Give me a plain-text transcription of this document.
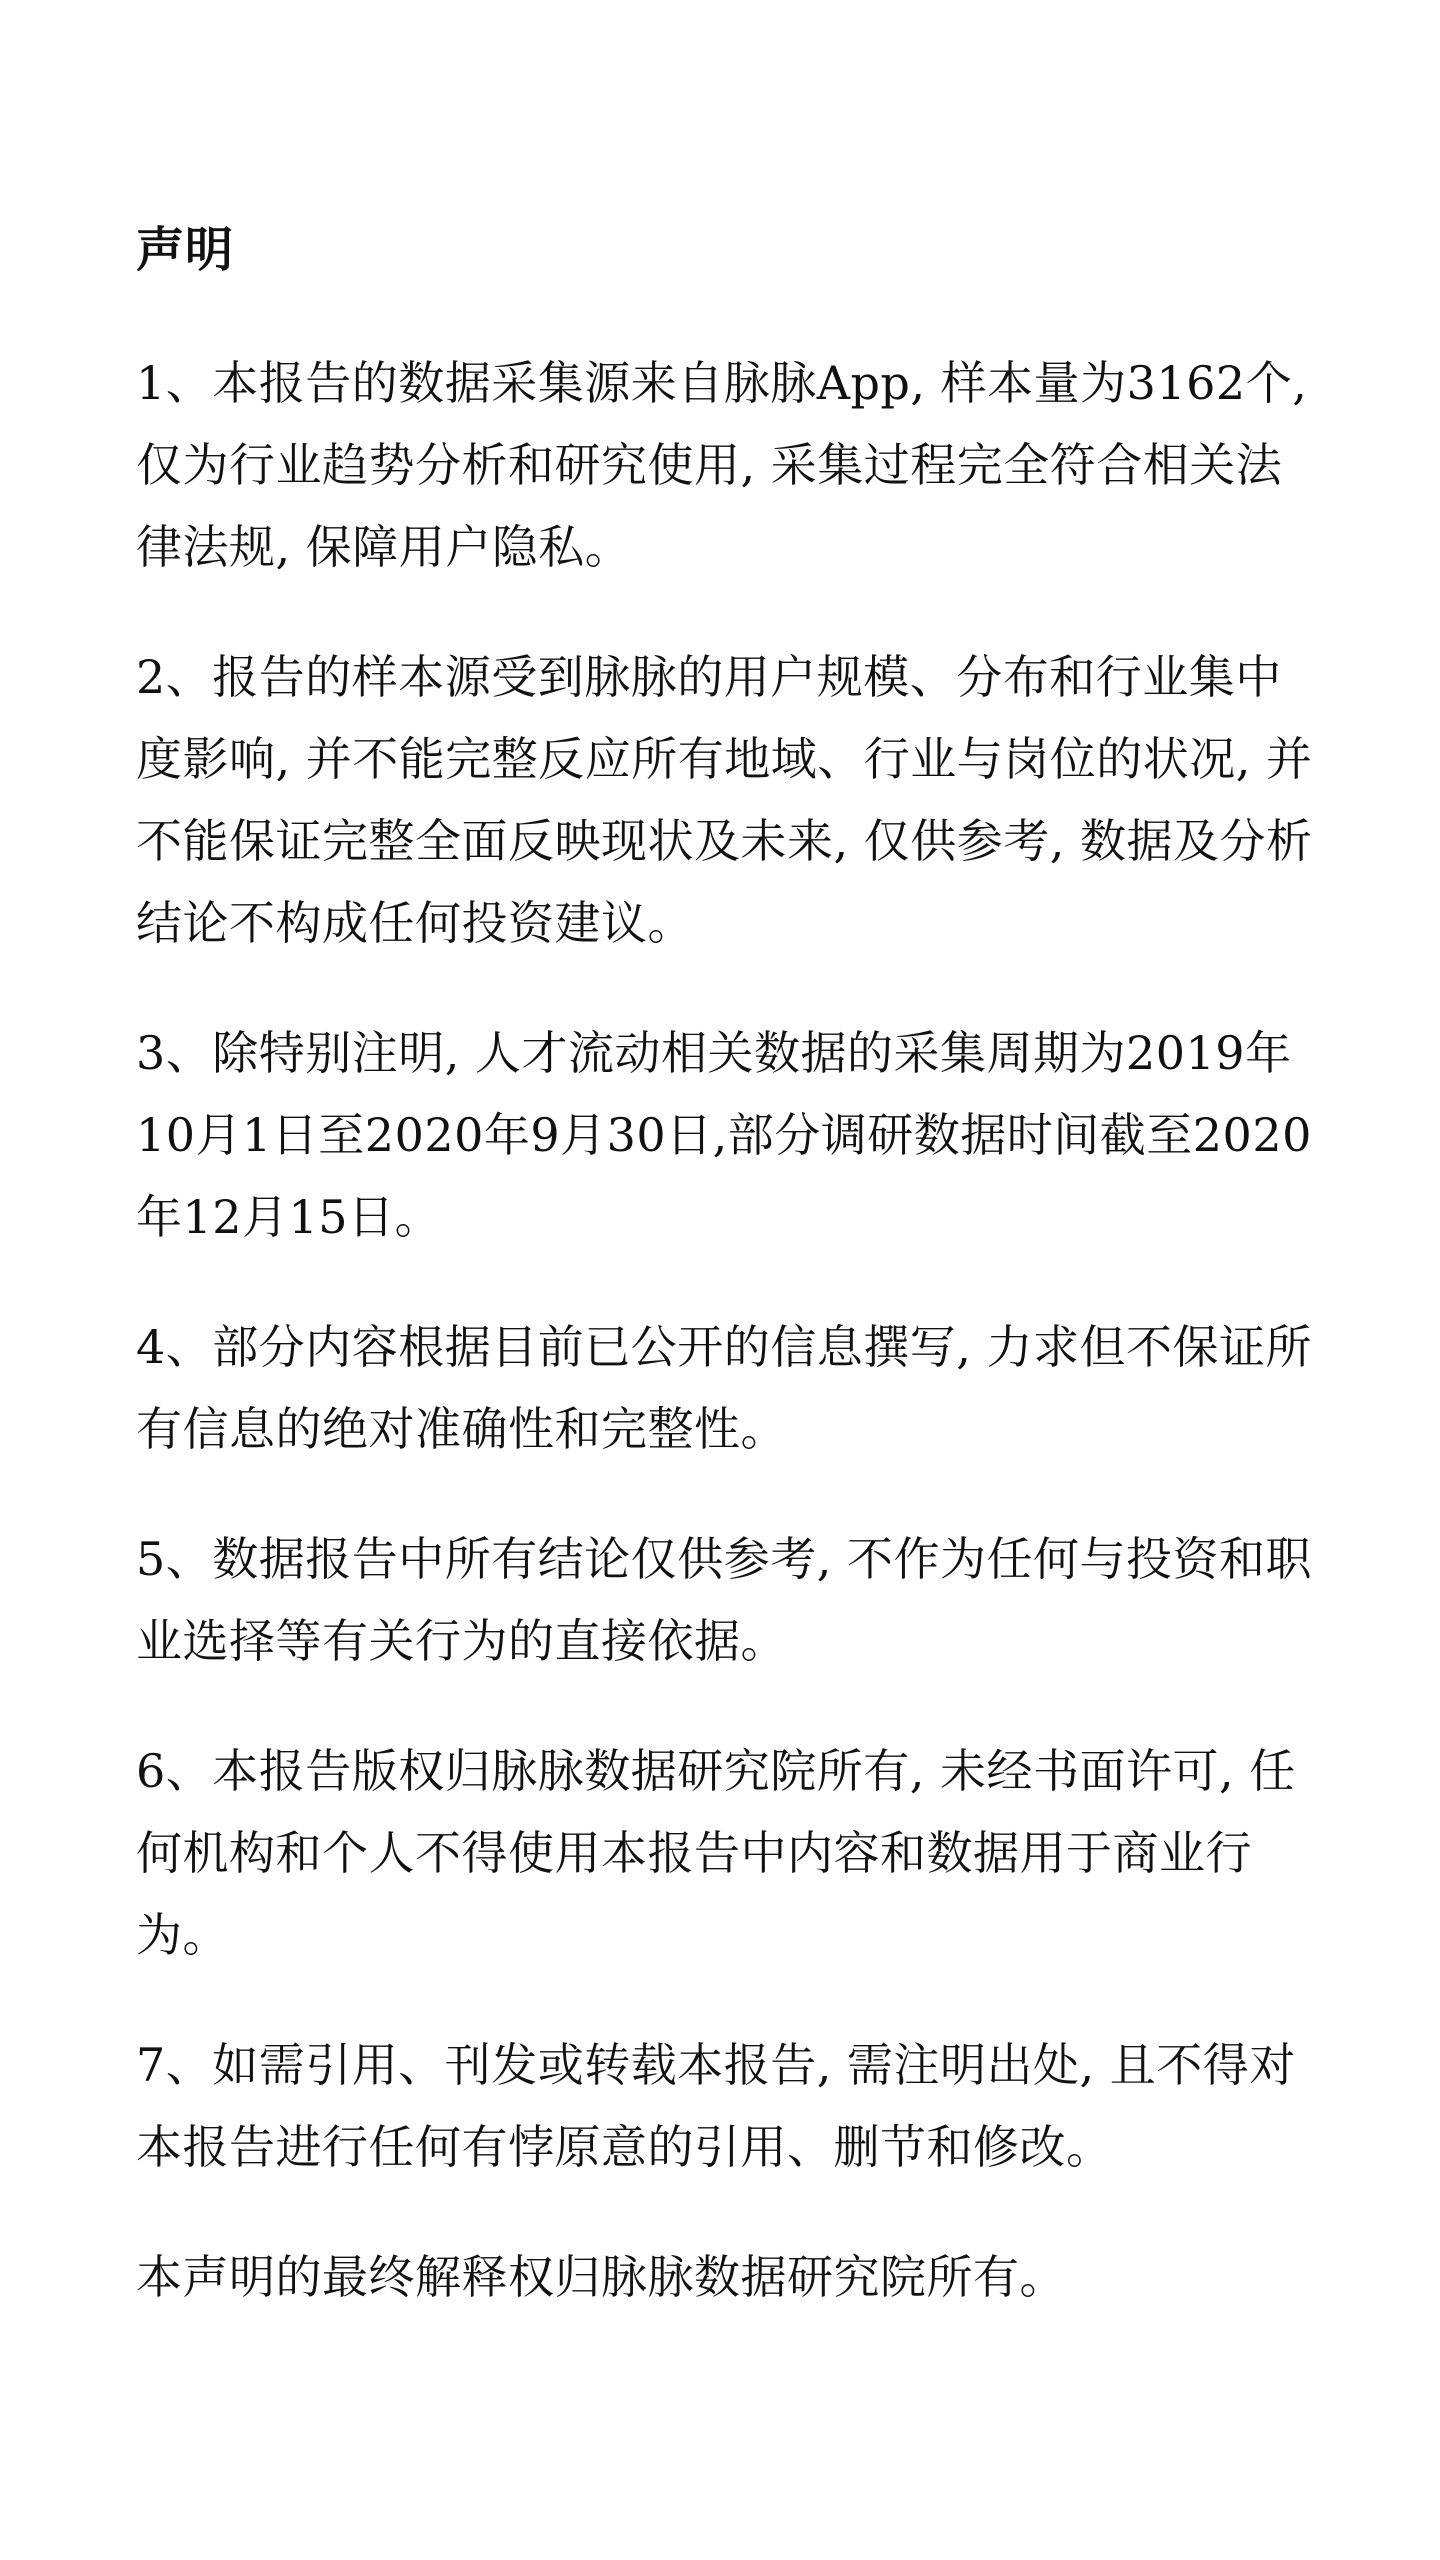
声明

1、本报告的数据采集源来自脉脉App, 样本量为3162个, 仅为行业趋势分析和研究使用, 采集过程完全符合相关法律法规, 保障用户隐私。

2、报告的样本源受到脉脉的用户规模、分布和行业集中度影响, 并不能完整反应所有地域、行业与岗位的状况, 并不能保证完整全面反映现状及未来, 仅供参考, 数据及分析结论不构成任何投资建议。

3、除特别注明, 人才流动相关数据的采集周期为2019年10月1日至2020年9月30日,部分调研数据时间截至2020年12月15日。

4、部分内容根据目前已公开的信息撰写, 力求但不保证所有信息的绝对准确性和完整性。

5、数据报告中所有结论仅供参考, 不作为任何与投资和职业选择等有关行为的直接依据。

6、本报告版权归脉脉数据研究院所有, 未经书面许可, 任何机构和个人不得使用本报告中内容和数据用于商业行为。

7、如需引用、刊发或转载本报告, 需注明出处, 且不得对本报告进行任何有悖原意的引用、删节和修改。

本声明的最终解释权归脉脉数据研究院所有。
